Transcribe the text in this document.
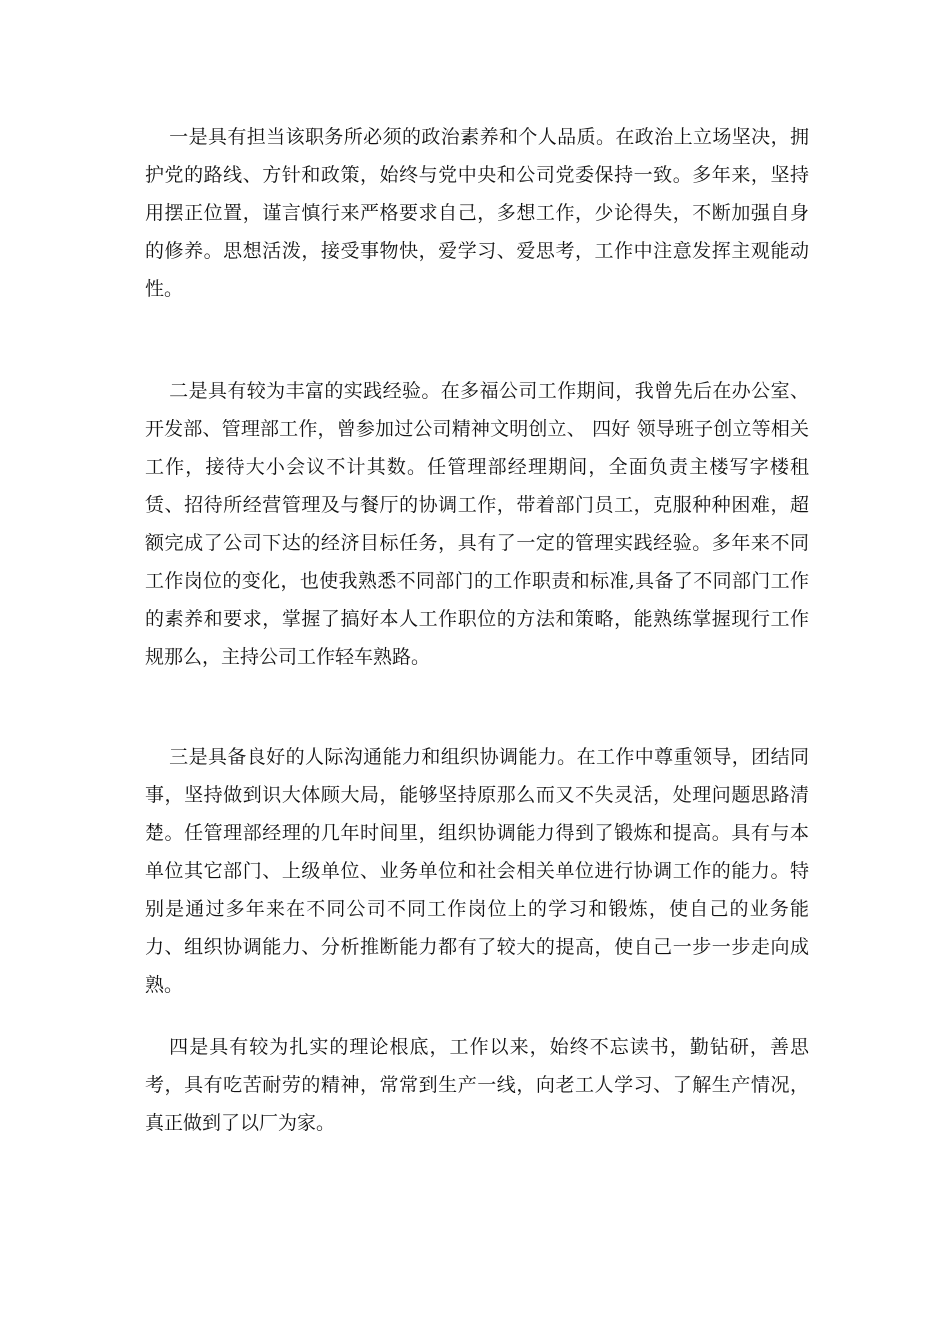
一是具有担当该职务所必须的政治素养和个人品质。在政治上立场坚决，拥护党的路线、方针和政策，始终与党中央和公司党委保持一致。多年来，坚持用摆正位置，谨言慎行来严格要求自己，多想工作，少论得失，不断加强自身的修养。思想活泼，接受事物快，爱学习、爱思考，工作中注意发挥主观能动性。

二是具有较为丰富的实践经验。在多福公司工作期间，我曾先后在办公室、开发部、管理部工作，曾参加过公司精神文明创立、 四好 领导班子创立等相关工作，接待大小会议不计其数。任管理部经理期间，全面负责主楼写字楼租赁、招待所经营管理及与餐厅的协调工作，带着部门员工，克服种种困难，超额完成了公司下达的经济目标任务，具有了一定的管理实践经验。多年来不同工作岗位的变化，也使我熟悉不同部门的工作职责和标准,具备了不同部门工作的素养和要求，掌握了搞好本人工作职位的方法和策略，能熟练掌握现行工作规那么，主持公司工作轻车熟路。

三是具备良好的人际沟通能力和组织协调能力。在工作中尊重领导，团结同事，坚持做到识大体顾大局，能够坚持原那么而又不失灵活，处理问题思路清楚。任管理部经理的几年时间里，组织协调能力得到了锻炼和提高。具有与本单位其它部门、上级单位、业务单位和社会相关单位进行协调工作的能力。特别是通过多年来在不同公司不同工作岗位上的学习和锻炼，使自己的业务能力、组织协调能力、分析推断能力都有了较大的提高，使自己一步一步走向成熟。

四是具有较为扎实的理论根底，工作以来，始终不忘读书，勤钻研，善思考，具有吃苦耐劳的精神，常常到生产一线，向老工人学习、了解生产情况，真正做到了以厂为家。
